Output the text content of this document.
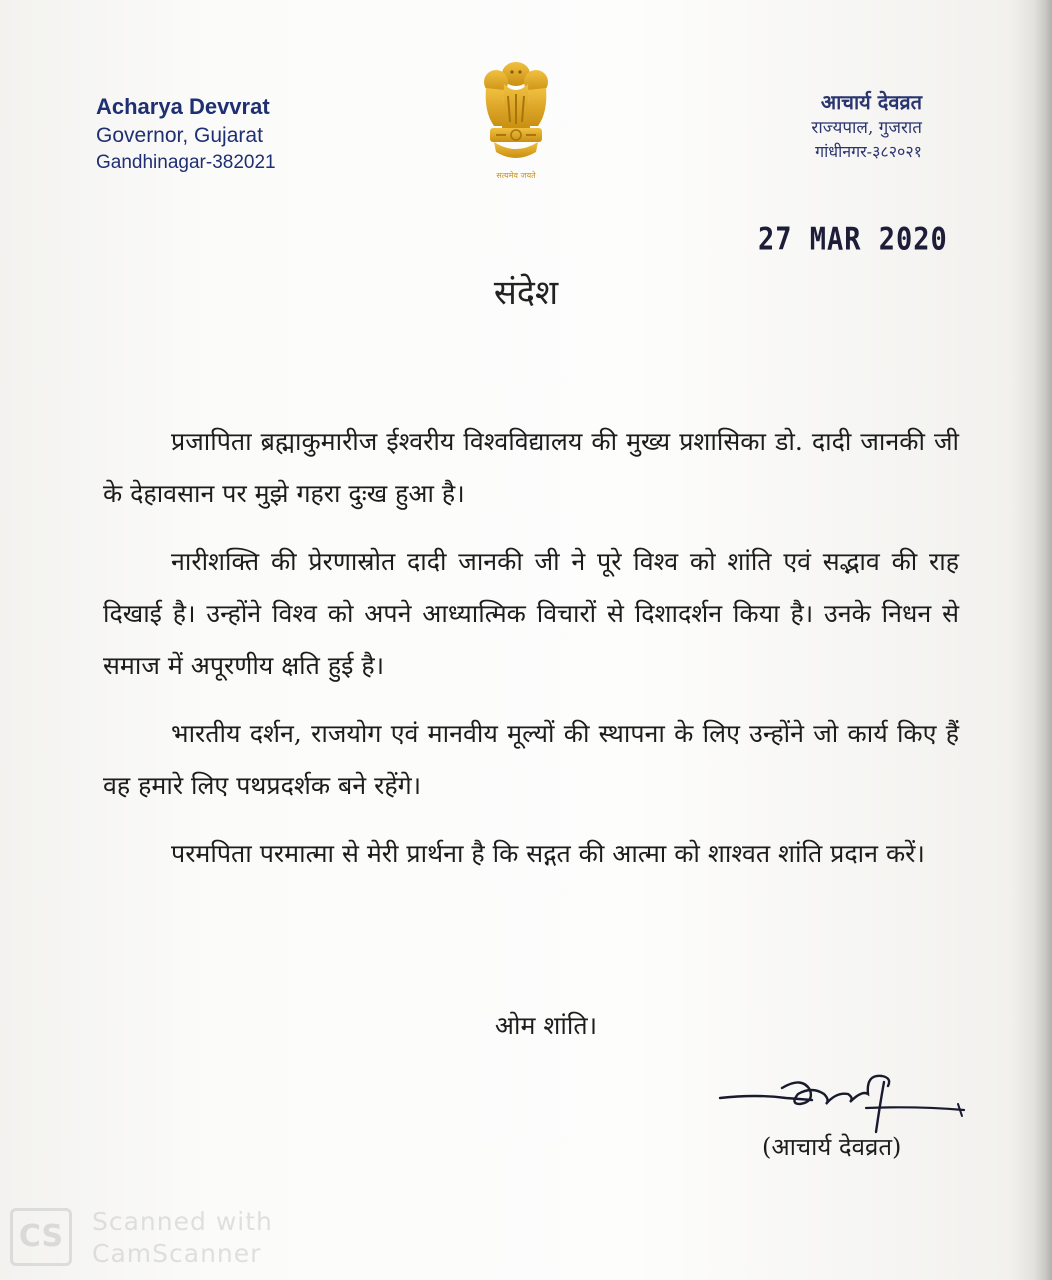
Acharya Devvrat
Governor, Gujarat
Gandhinagar-382021
सत्यमेव जयते
आचार्य देवव्रत
राज्यपाल, गुजरात
गांधीनगर-३८२०२१
27 MAR 2020
संदेश

प्रजापिता ब्रह्माकुमारीज ईश्वरीय विश्वविद्यालय की मुख्य प्रशासिका डो. दादी जानकी जी के देहावसान पर मुझे गहरा दुःख हुआ है।

नारीशक्ति की प्रेरणास्रोत दादी जानकी जी ने पूरे विश्व को शांति एवं सद्भाव की राह दिखाई है। उन्होंने विश्व को अपने आध्यात्मिक विचारों से दिशादर्शन किया है। उनके निधन से समाज में अपूरणीय क्षति हुई है।

भारतीय दर्शन, राजयोग एवं मानवीय मूल्यों की स्थापना के लिए उन्होंने जो कार्य किए हैं वह हमारे लिए पथप्रदर्शक बने रहेंगे।

परमपिता परमात्मा से मेरी प्रार्थना है कि सद्गत की आत्मा को शाश्वत शांति प्रदान करें।

ओम शांति।
(आचार्य देवव्रत)
CS	Scanned with
CamScanner
